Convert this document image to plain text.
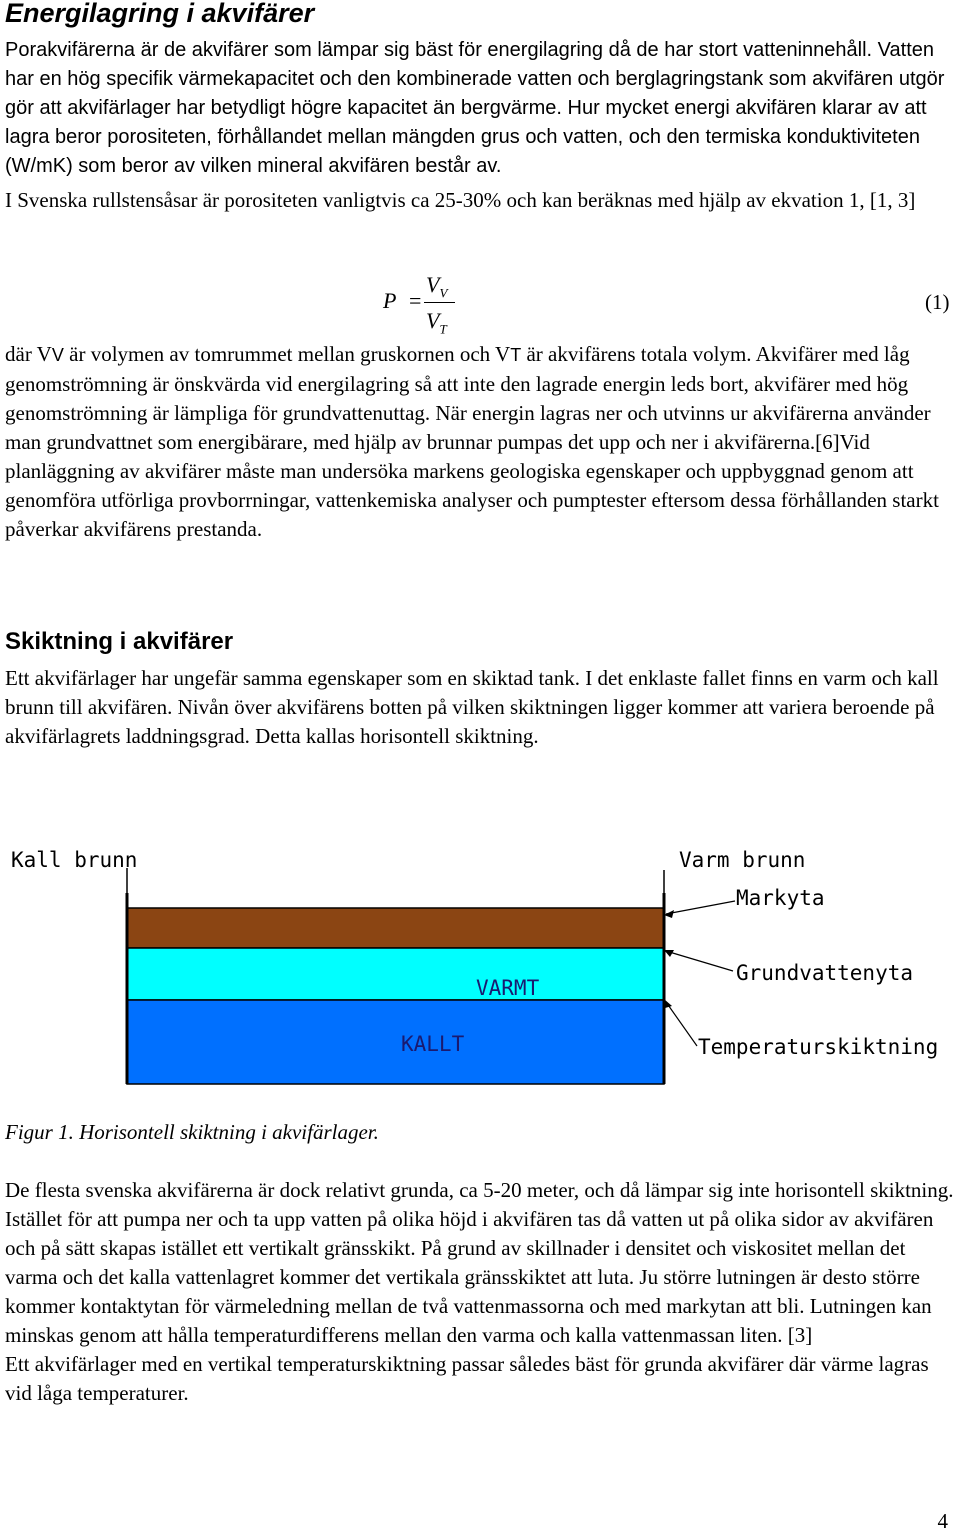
Energilagring i akvifärer

Porakvifärerna är de akvifärer som lämpar sig bäst för energilagring då de har stort vatteninnehåll. Vatten har en hög specifik värmekapacitet och den kombinerade vatten och berglagringstank som akvifären utgör gör att akvifärlager har betydligt högre kapacitet än bergvärme. Hur mycket energi akvifären klarar av att lagra beror porositeten, förhållandet mellan mängden grus och vatten, och den termiska konduktiviteten (W/mK) som beror av vilken mineral akvifären består av.

I Svenska rullstensåsar är porositeten vanligtvis ca 25-30% och kan beräknas med hjälp av ekvation 1, [1, 3]

P =
$V_V$
$V_T$
(1)

där VV är volymen av tomrummet mellan gruskornen och VT är akvifärens totala volym. Akvifärer med låg genomströmning är önskvärda vid energilagring så att inte den lagrade energin leds bort, akvifärer med hög genomströmning är lämpliga för grundvattenuttag. När energin lagras ner och utvinns ur akvifärerna använder man grundvattnet som energibärare, med hjälp av brunnar pumpas det upp och ner i akvifärerna.[6]Vid planläggning av akvifärer måste man undersöka markens geologiska egenskaper och uppbyggnad genom att genomföra utförliga provborrningar, vattenkemiska analyser och pumptester eftersom dessa förhållanden starkt påverkar akvifärens prestanda.

Skiktning i akvifärer

Ett akvifärlager har ungefär samma egenskaper som en skiktad tank. I det enklaste fallet finns en varm och kall brunn till akvifären. Nivån över akvifärens botten på vilken skiktningen ligger kommer att variera beroende på akvifärlagrets laddningsgrad. Detta kallas horisontell skiktning.

Kall brunn	Varm brunn
Markyta
Grundvattenyta
VARMT
KALLT	Temperaturskiktning
Figur 1. Horisontell skiktning i akvifärlager.
De flesta svenska akvifärerna är dock relativt grunda, ca 5-20 meter, och då lämpar sig inte horisontell skiktning. Istället för att pumpa ner och ta upp vatten på olika höjd i akvifären tas då vatten ut på olika sidor av akvifären och på sätt skapas istället ett vertikalt gränsskikt. På grund av skillnader i densitet och viskositet mellan det varma och det kalla vattenlagret kommer det vertikala gränsskiktet att luta. Ju större lutningen är desto större kommer kontaktytan för värmeledning mellan de två vattenmassorna och med markytan att bli. Lutningen kan minskas genom att hålla temperaturdifferens mellan den varma och kalla vattenmassan liten. [3]
Ett akvifärlager med en vertikal temperaturskiktning passar således bäst för grunda akvifärer där värme lagras vid låga temperaturer.
4
